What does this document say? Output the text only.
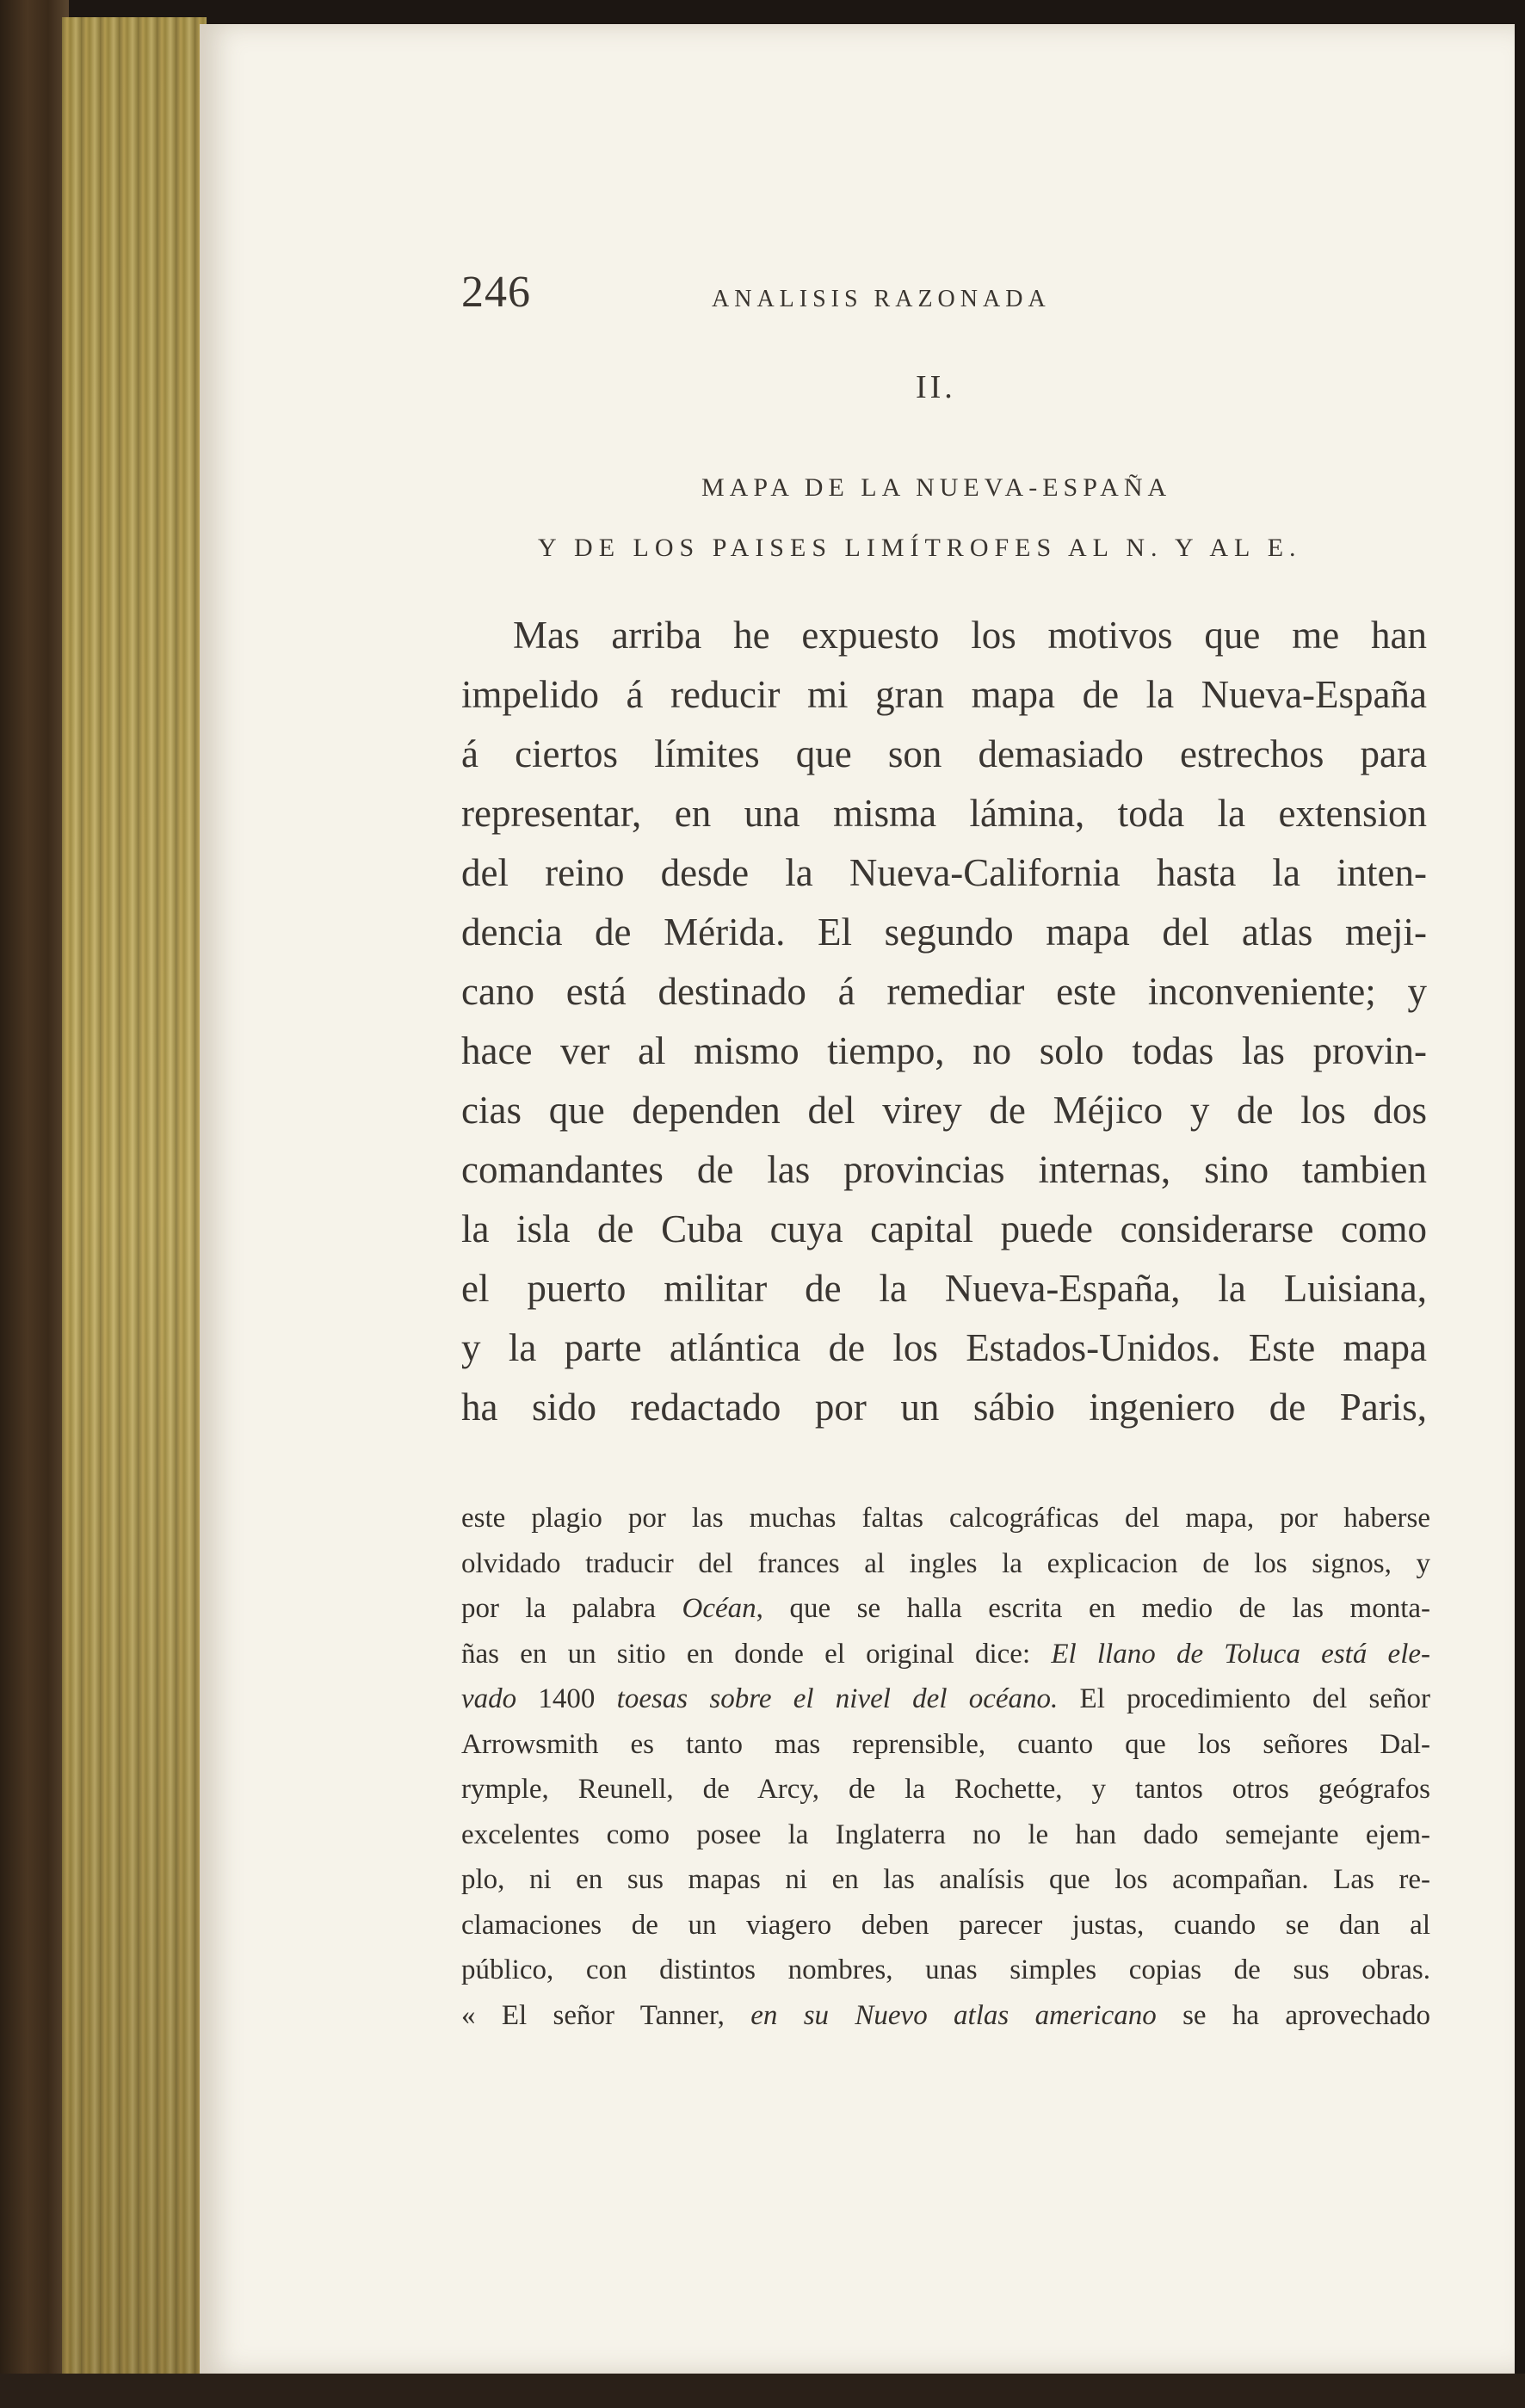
246	ANALISIS RAZONADA
II.
MAPA DE LA NUEVA-ESPAÑA
Y DE LOS PAISES LIMÍTROFES AL N. Y AL E.
Mas arriba he expuesto los motivos que me han
impelido á reducir mi gran mapa de la Nueva-España
á ciertos límites que son demasiado estrechos para
representar, en una misma lámina, toda la extension
del reino desde la Nueva-California hasta la inten-
dencia de Mérida. El segundo mapa del atlas meji-
cano está destinado á remediar este inconveniente; y
hace ver al mismo tiempo, no solo todas las provin-
cias que dependen del virey de Méjico y de los dos
comandantes de las provincias internas, sino tambien
la isla de Cuba cuya capital puede considerarse como
el puerto militar de la Nueva-España, la Luisiana,
y la parte atlántica de los Estados-Unidos. Este mapa
ha sido redactado por un sábio ingeniero de Paris,
este plagio por las muchas faltas calcográficas del mapa, por haberse
olvidado traducir del frances al ingles la explicacion de los signos, y
por la palabra Océan, que se halla escrita en medio de las monta-
ñas en un sitio en donde el original dice: El llano de Toluca está ele-
vado 1400 toesas sobre el nivel del océano. El procedimiento del señor
Arrowsmith es tanto mas reprensible, cuanto que los señores Dal-
rymple, Reunell, de Arcy, de la Rochette, y tantos otros geógrafos
excelentes como posee la Inglaterra no le han dado semejante ejem-
plo, ni en sus mapas ni en las analísis que los acompañan. Las re-
clamaciones de un viagero deben parecer justas, cuando se dan al
público, con distintos nombres, unas simples copias de sus obras.
« El señor Tanner, en su Nuevo atlas americano se ha aprovechado
